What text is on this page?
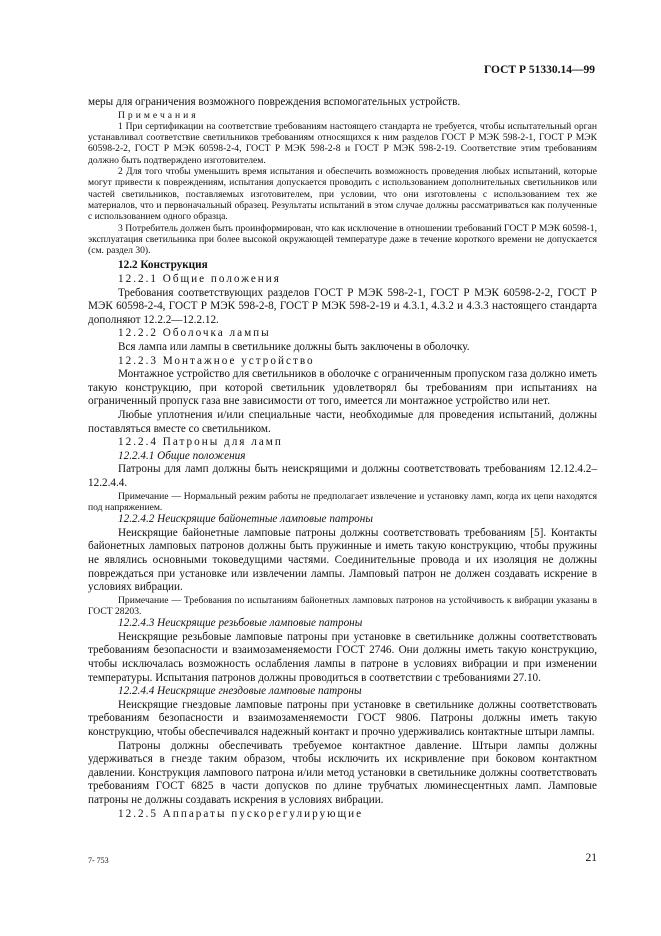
ГОСТ Р 51330.14—99

меры для ограничения возможного повреждения вспомогательных устройств.

Примечания

1 При сертификации на соответствие требованиям настоящего стандарта не требуется, чтобы испытательный орган устанавливал соответствие светильников требованиям относящихся к ним разделов ГОСТ Р МЭК 598-2-1, ГОСТ Р МЭК 60598-2-2, ГОСТ Р МЭК 60598-2-4, ГОСТ Р МЭК 598-2-8 и ГОСТ Р МЭК 598-2-19. Соответствие этим требованиям должно быть подтверждено изготовителем.

2 Для того чтобы уменьшить время испытания и обеспечить возможность проведения любых испытаний, которые могут привести к повреждениям, испытания допускается проводить с использованием дополнительных светильников или частей светильников, поставляемых изготовителем, при условии, что они изготовлены с использованием тех же материалов, что и первоначальный образец. Результаты испытаний в этом случае должны рассматриваться как полученные с использованием одного образца.

3 Потребитель должен быть проинформирован, что как исключение в отношении требований ГОСТ Р МЭК 60598-1, эксплуатация светильника при более высокой окружающей температуре даже в течение короткого времени не допускается (см. раздел 30).

12.2 Конструкция

12.2.1 Общие положения

Требования соответствующих разделов ГОСТ Р МЭК 598-2-1, ГОСТ Р МЭК 60598-2-2, ГОСТ Р МЭК 60598-2-4, ГОСТ Р МЭК 598-2-8, ГОСТ Р МЭК 598-2-19 и 4.3.1, 4.3.2 и 4.3.3 настоящего стандарта дополняют 12.2.2—12.2.12.

12.2.2 Оболочка лампы

Вся лампа или лампы в светильнике должны быть заключены в оболочку.

12.2.3 Монтажное устройство

Монтажное устройство для светильников в оболочке с ограниченным пропуском газа должно иметь такую конструкцию, при которой светильник удовлетворял бы требованиям при испытаниях на ограниченный пропуск газа вне зависимости от того, имеется ли монтажное устройство или нет.

Любые уплотнения и/или специальные части, необходимые для проведения испытаний, должны поставляться вместе со светильником.

12.2.4 Патроны для ламп

12.2.4.1 Общие положения

Патроны для ламп должны быть неискрящими и должны соответствовать требованиям 12.12.4.2– 12.2.4.4.

Примечание — Нормальный режим работы не предполагает извлечение и установку ламп, когда их цепи находятся под напряжением.

12.2.4.2 Неискрящие байонетные ламповые патроны

Неискрящие байонетные ламповые патроны должны соответствовать требованиям [5]. Контакты байонетных ламповых патронов должны быть пружинные и иметь такую конструкцию, чтобы пружины не являлись основными токоведущими частями. Соединительные провода и их изоляция не должны повреждаться при установке или извлечении лампы. Ламповый патрон не должен создавать искрение в условиях вибрации.

Примечание — Требования по испытаниям байонетных ламповых патронов на устойчивость к вибрации указаны в ГОСТ 28203.

12.2.4.3 Неискрящие резьбовые ламповые патроны

Неискрящие резьбовые ламповые патроны при установке в светильнике должны соответствовать требованиям безопасности и взаимозаменяемости ГОСТ 2746. Они должны иметь такую конструкцию, чтобы исключалась возможность ослабления лампы в патроне в условиях вибрации и при изменении температуры. Испытания патронов должны проводиться в соответствии с требованиями 27.10.

12.2.4.4 Неискрящие гнездовые ламповые патроны

Неискрящие гнездовые ламповые патроны при установке в светильнике должны соответствовать требованиям безопасности и взаимозаменяемости ГОСТ 9806. Патроны должны иметь такую конструкцию, чтобы обеспечивался надежный контакт и прочно удерживались контактные штыри лампы.

Патроны должны обеспечивать требуемое контактное давление. Штыри лампы должны удерживаться в гнезде таким образом, чтобы исключить их искривление при боковом контактном давлении. Конструкция лампового патрона и/или метод установки в светильнике должны соответствовать требованиям ГОСТ 6825 в части допусков по длине трубчатых люминесцентных ламп. Ламповые патроны не должны создавать искрения в условиях вибрации.

12.2.5 Аппараты пускорегулирующие

7- 753	21
